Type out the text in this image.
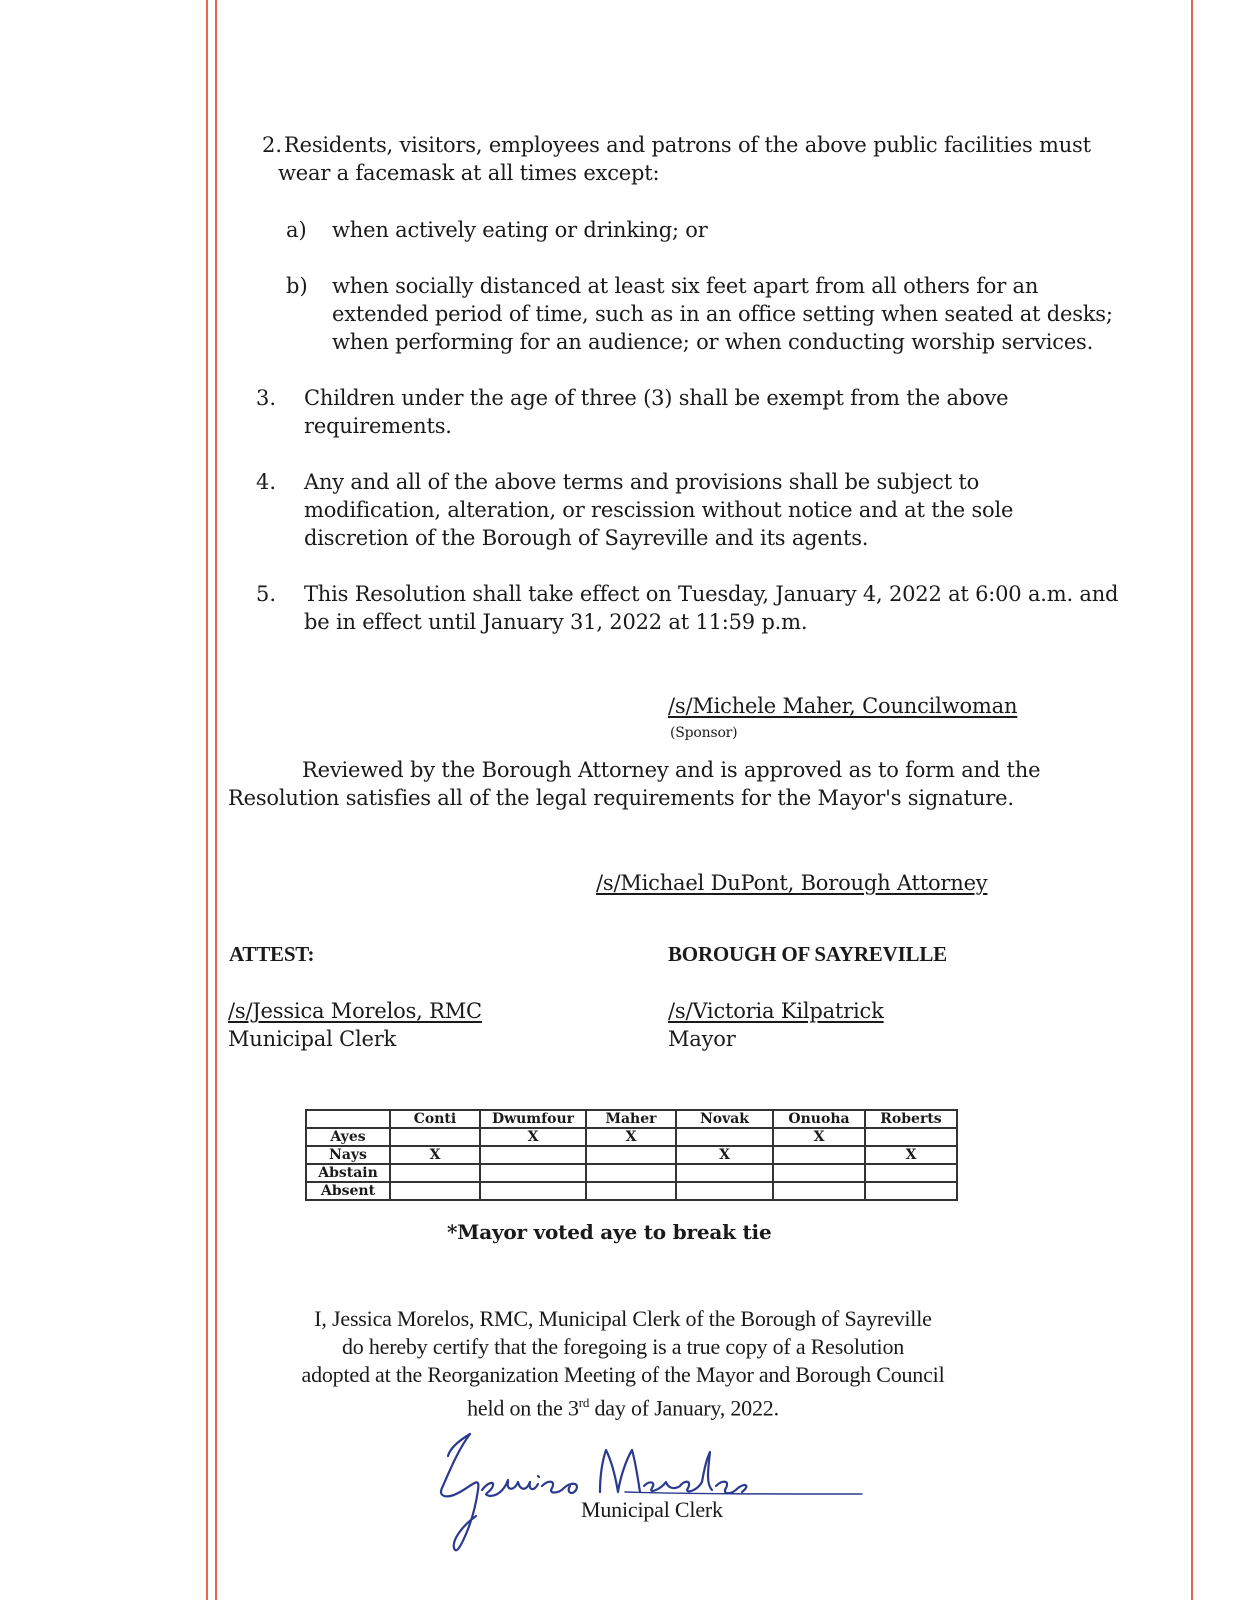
2. Residents, visitors, employees and patrons of the above public facilities must
wear a facemask at all times except:
a) when actively eating or drinking; or
b) when socially distanced at least six feet apart from all others for an
extended period of time, such as in an office setting when seated at desks;
when performing for an audience; or when conducting worship services.
3. Children under the age of three (3) shall be exempt from the above
requirements.
4. Any and all of the above terms and provisions shall be subject to
modification, alteration, or rescission without notice and at the sole
discretion of the Borough of Sayreville and its agents.
5. This Resolution shall take effect on Tuesday, January 4, 2022 at 6:00 a.m. and
be in effect until January 31, 2022 at 11:59 p.m.
/s/Michele Maher, Councilwoman
(Sponsor)
Reviewed by the Borough Attorney and is approved as to form and the
Resolution satisfies all of the legal requirements for the Mayor's signature.
/s/Michael DuPont, Borough Attorney
ATTEST:	BOROUGH OF SAYREVILLE
/s/Jessica Morelos, RMC
Municipal Clerk
/s/Victoria Kilpatrick
Mayor
	Conti	Dwumfour	Maher	Novak	Onuoha	Roberts
Ayes		X	X		X	
Nays	X			X		X
Abstain						
Absent						
*Mayor voted aye to break tie
I, Jessica Morelos, RMC, Municipal Clerk of the Borough of Sayreville
do hereby certify that the foregoing is a true copy of a Resolution
adopted at the Reorganization Meeting of the Mayor and Borough Council
held on the 3rd day of January, 2022.
Municipal Clerk
